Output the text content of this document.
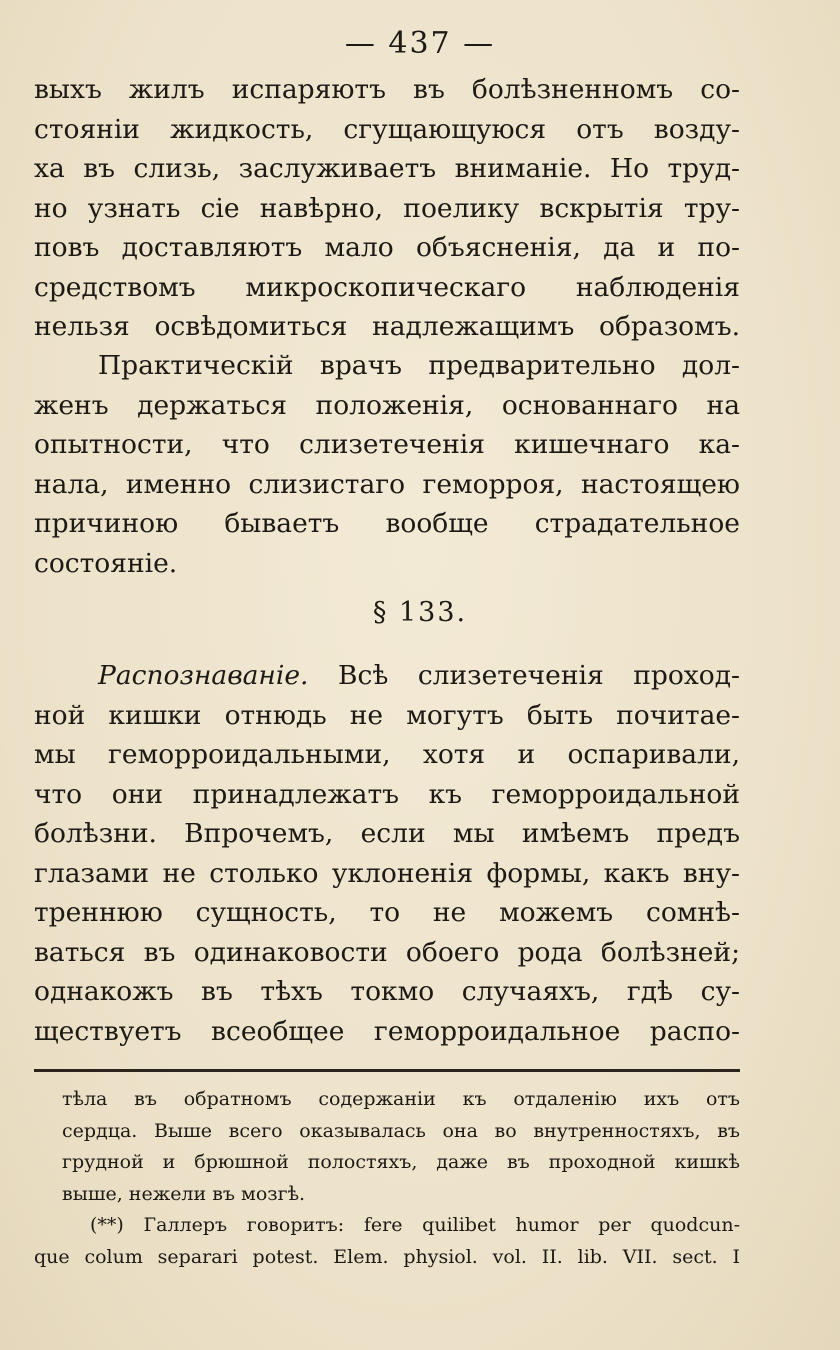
— 437 —
выхъ жилъ испаряютъ въ болѣзненномъ со-
стояніи жидкость, сгущающуюся отъ возду-
ха въ слизь, заслуживаетъ вниманіе. Но труд-
но узнать сіе навѣрно, поелику вскрытія тру-
повъ доставляютъ мало объясненія, да и по-
средствомъ микроскопическаго наблюденія
нельзя освѣдомиться надлежащимъ образомъ.
Практическій врачъ предварительно дол-
женъ держаться положенія, основаннаго на
опытности, что слизетеченія кишечнаго ка-
нала, именно слизистаго геморроя, настоящею
причиною бываетъ вообще страдательное
состояніе.
§ 133.
Распознаваніе. Всѣ слизетеченія проход-
ной кишки отнюдь не могутъ быть почитае-
мы геморроидальными, хотя и оспаривали,
что они принадлежатъ къ геморроидальной
болѣзни. Впрочемъ, если мы имѣемъ предъ
глазами не столько уклоненія формы, какъ вну-
треннюю сущность, то не можемъ сомнѣ-
ваться въ одинаковости обоего рода болѣзней;
однакожъ въ тѣхъ токмо случаяхъ, гдѣ су-
ществуетъ всеобщее геморроидальное распо-
тѣла въ обратномъ содержаніи къ отдаленію ихъ отъ
сердца. Выше всего оказывалась она во внутренностяхъ, въ
грудной и брюшной полостяхъ, даже въ проходной кишкѣ
выше, нежели въ мозгѣ.
(**) Галлеръ говоритъ: fere quilibet humor per quodcun-
que colum separari potest. Elem. physiol. vol. II. lib. VII. sect. I
